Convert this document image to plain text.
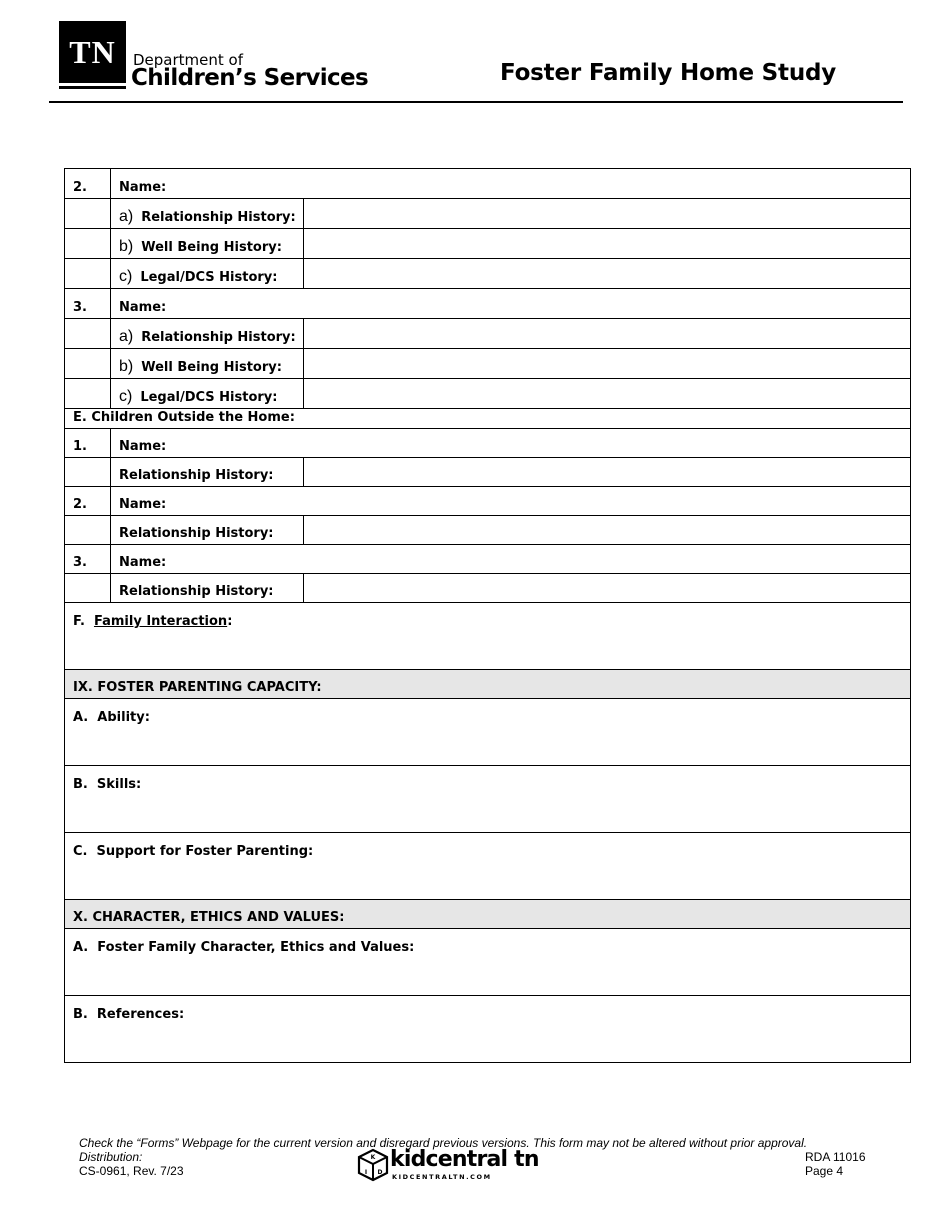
TN	Department of
Children’s Services	Foster Family Home Study
2.	Name:
a) Relationship History:
b) Well Being History:
c) Legal/DCS History:
3.	Name:
a) Relationship History:
b) Well Being History:
c) Legal/DCS History:
E. Children Outside the Home:
1.	Name:
Relationship History:
2.	Name:
Relationship History:
3.	Name:
Relationship History:
F. Family Interaction :
IX. FOSTER PARENTING CAPACITY:
A.  Ability:
B.  Skills:
C.  Support for Foster Parenting:
X. CHARACTER, ETHICS AND VALUES:
A.  Foster Family Character, Ethics and Values:
B.  References:
Check the “Forms” Webpage for the current version and disregard previous versions. This form may not be altered without prior approval.
Distribution:
CS-0961, Rev. 7/23
K
I D
kidcentral tn
KIDCENTRALTN.COM
RDA 11016
Page 4
